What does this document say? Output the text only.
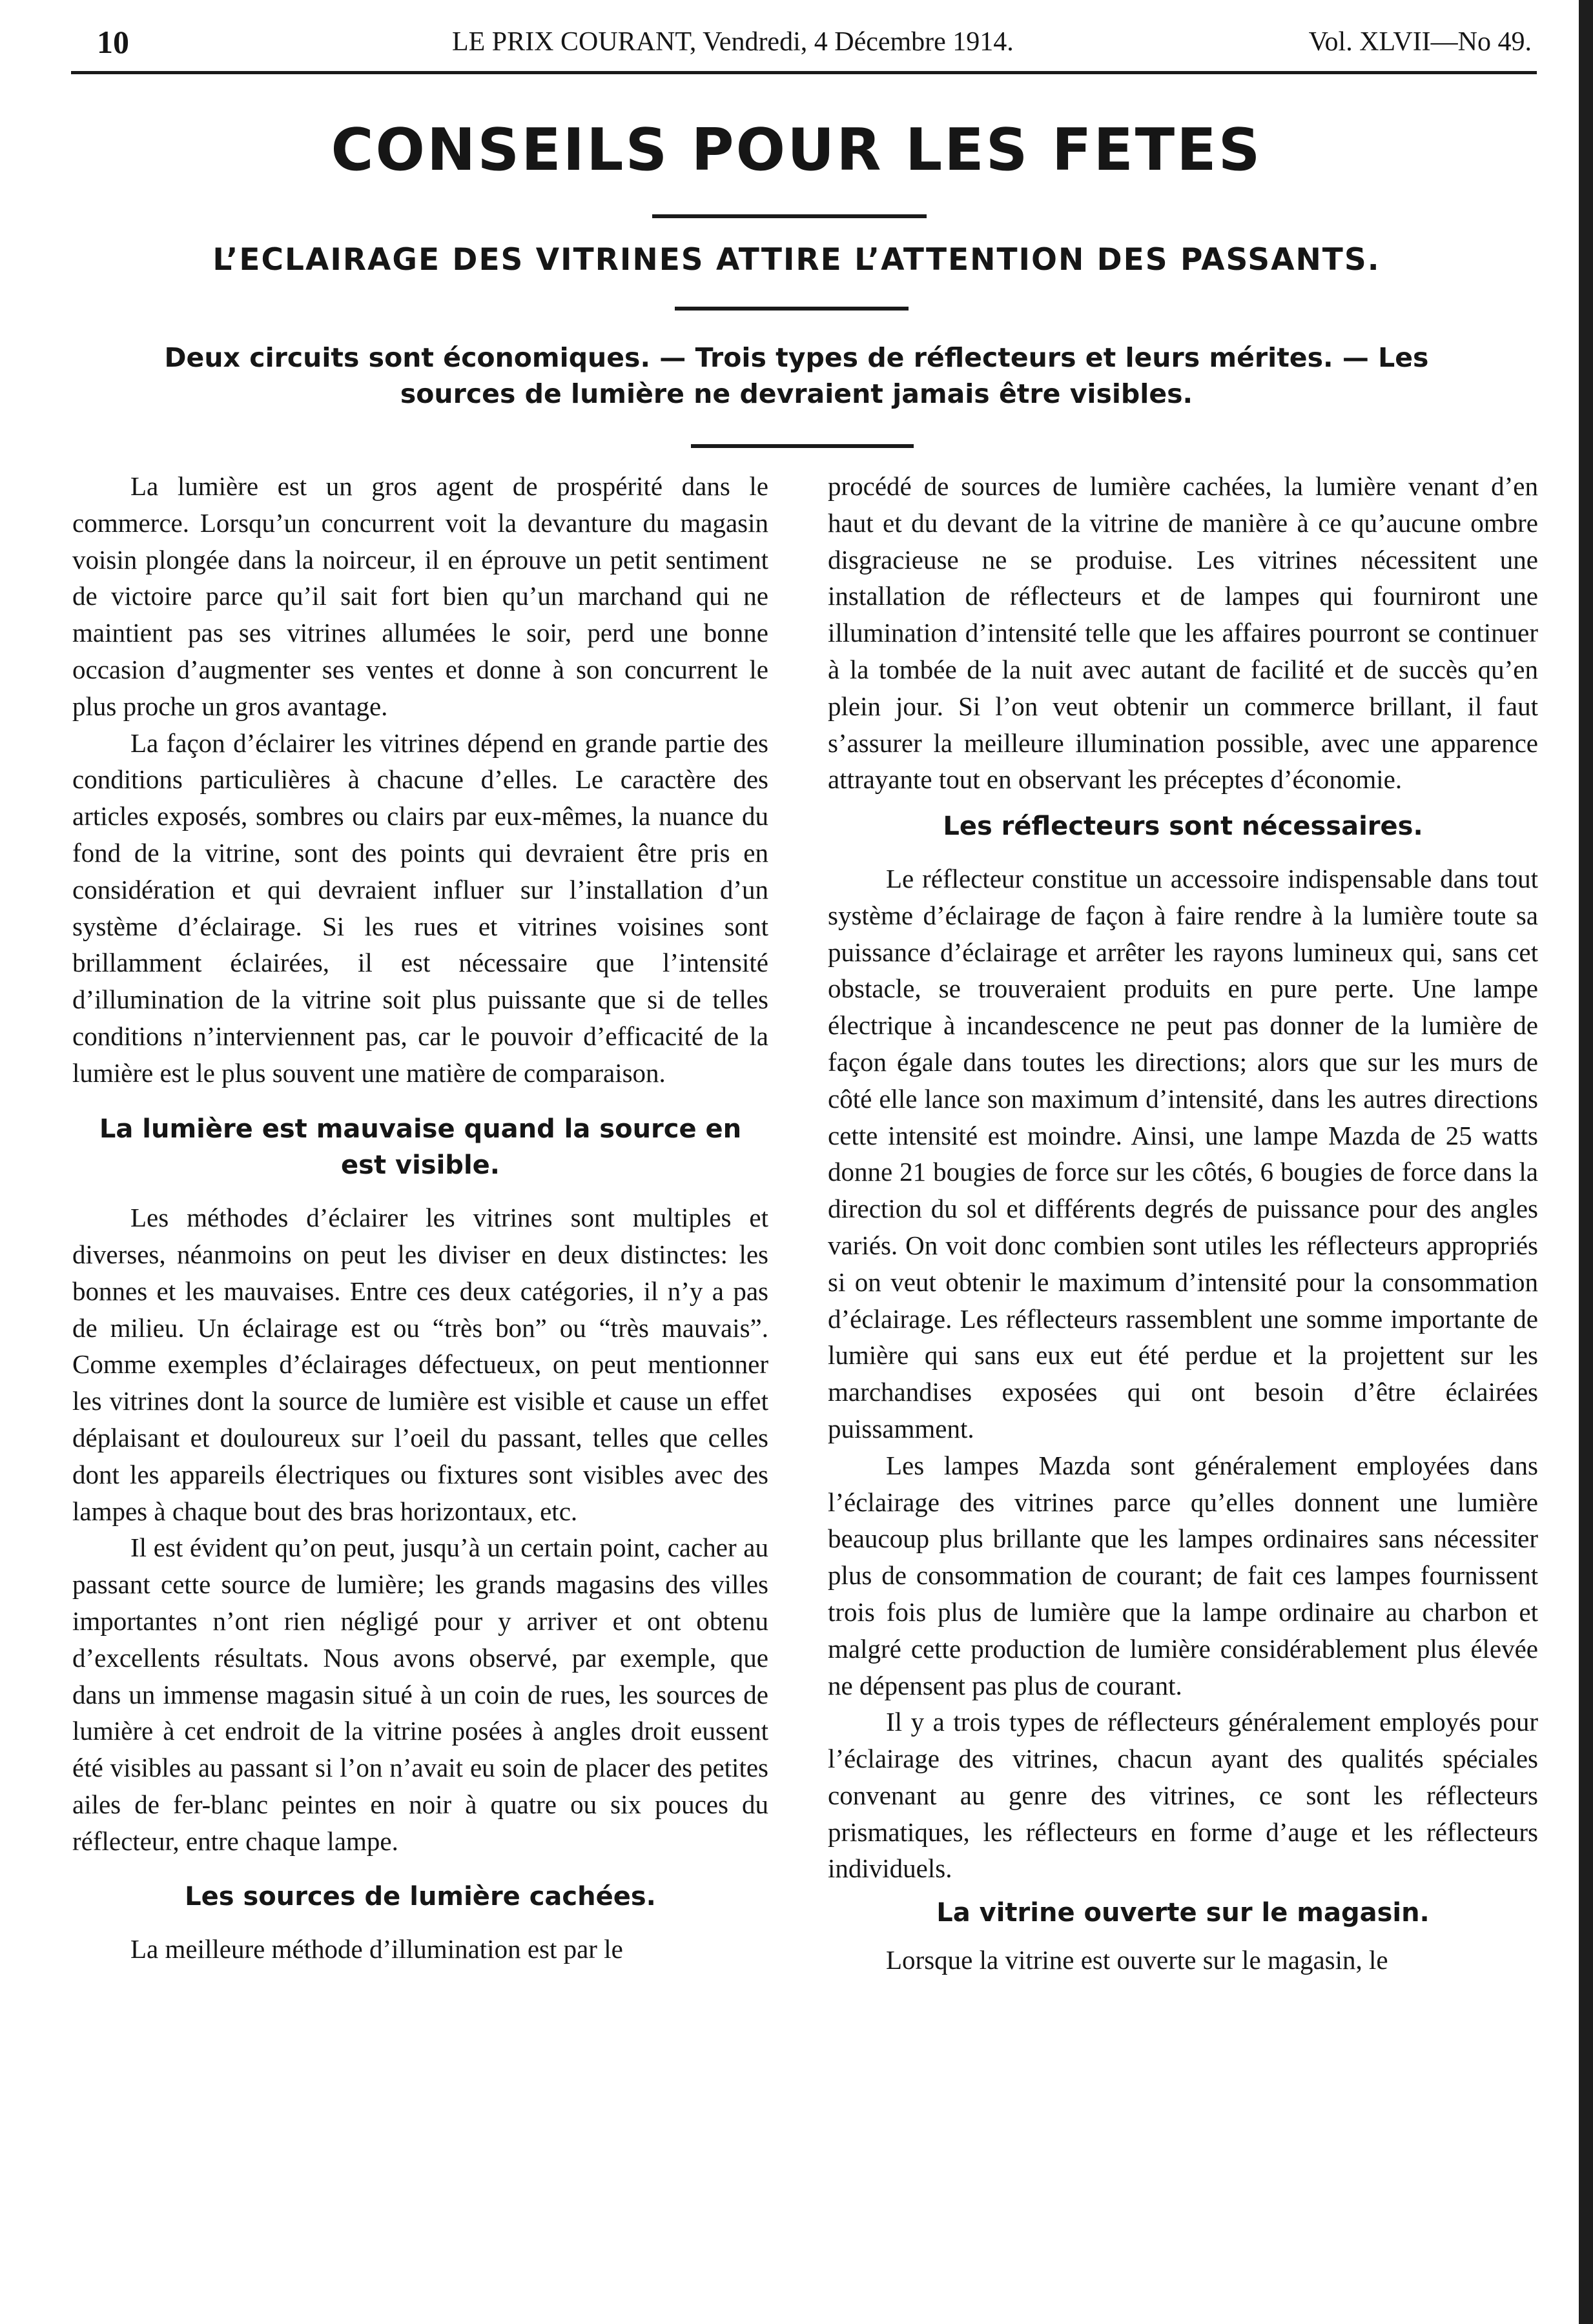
10	LE PRIX COURANT, Vendredi, 4 Décembre 1914.	Vol. XLVII—No 49.
CONSEILS POUR LES FETES
L’ECLAIRAGE DES VITRINES ATTIRE L’ATTENTION DES PASSANTS.
Deux circuits sont économiques. — Trois types de réflecteurs et leurs mérites. — Les sources de lumière ne devraient jamais être visibles.

La lumière est un gros agent de prospérité dans le commerce. Lorsqu’un concurrent voit la devanture du magasin voisin plongée dans la noirceur, il en éprouve un petit sentiment de victoire parce qu’il sait fort bien qu’un marchand qui ne maintient pas ses vitrines allumées le soir, perd une bonne occasion d’augmenter ses ventes et donne à son concurrent le plus proche un gros avantage.

La façon d’éclairer les vitrines dépend en grande partie des conditions particulières à chacune d’elles. Le caractère des articles exposés, sombres ou clairs par eux-mêmes, la nuance du fond de la vitrine, sont des points qui devraient être pris en considération et qui devraient influer sur l’installation d’un système d’éclairage. Si les rues et vitrines voisines sont brillamment éclairées, il est nécessaire que l’intensité d’illumination de la vitrine soit plus puissante que si de telles conditions n’interviennent pas, car le pouvoir d’efficacité de la lumière est le plus souvent une matière de comparaison.

La lumière est mauvaise quand la source en est visible.

Les méthodes d’éclairer les vitrines sont multiples et diverses, néanmoins on peut les diviser en deux distinctes: les bonnes et les mauvaises. Entre ces deux catégories, il n’y a pas de milieu. Un éclairage est ou “très bon” ou “très mauvais”. Comme exemples d’éclairages défectueux, on peut mentionner les vitrines dont la source de lumière est visible et cause un effet déplaisant et douloureux sur l’oeil du passant, telles que celles dont les appareils électriques ou fixtures sont visibles avec des lampes à chaque bout des bras horizontaux, etc.

Il est évident qu’on peut, jusqu’à un certain point, cacher au passant cette source de lumière; les grands magasins des villes importantes n’ont rien négligé pour y arriver et ont obtenu d’excellents résultats. Nous avons observé, par exemple, que dans un immense magasin situé à un coin de rues, les sources de lumière à cet endroit de la vitrine posées à angles droit eussent été visibles au passant si l’on n’avait eu soin de placer des petites ailes de fer-blanc peintes en noir à quatre ou six pouces du réflecteur, entre chaque lampe.

Les sources de lumière cachées.

La meilleure méthode d’illumination est par le

procédé de sources de lumière cachées, la lumière venant d’en haut et du devant de la vitrine de manière à ce qu’aucune ombre disgracieuse ne se produise. Les vitrines nécessitent une installation de réflecteurs et de lampes qui fourniront une illumination d’intensité telle que les affaires pourront se continuer à la tombée de la nuit avec autant de facilité et de succès qu’en plein jour. Si l’on veut obtenir un commerce brillant, il faut s’assurer la meilleure illumination possible, avec une apparence attrayante tout en observant les préceptes d’économie.

Les réflecteurs sont nécessaires.

Le réflecteur constitue un accessoire indispensable dans tout système d’éclairage de façon à faire rendre à la lumière toute sa puissance d’éclairage et arrêter les rayons lumineux qui, sans cet obstacle, se trouveraient produits en pure perte. Une lampe électrique à incandescence ne peut pas donner de la lumière de façon égale dans toutes les directions; alors que sur les murs de côté elle lance son maximum d’intensité, dans les autres directions cette intensité est moindre. Ainsi, une lampe Mazda de 25 watts donne 21 bougies de force sur les côtés, 6 bougies de force dans la direction du sol et différents degrés de puissance pour des angles variés. On voit donc combien sont utiles les réflecteurs appropriés si on veut obtenir le maximum d’intensité pour la consommation d’éclairage. Les réflecteurs rassemblent une somme importante de lumière qui sans eux eut été perdue et la projettent sur les marchandises exposées qui ont besoin d’être éclairées puissamment.

Les lampes Mazda sont généralement employées dans l’éclairage des vitrines parce qu’elles donnent une lumière beaucoup plus brillante que les lampes ordinaires sans nécessiter plus de consommation de courant; de fait ces lampes fournissent trois fois plus de lumière que la lampe ordinaire au charbon et malgré cette production de lumière considérablement plus élevée ne dépensent pas plus de courant.

Il y a trois types de réflecteurs généralement employés pour l’éclairage des vitrines, chacun ayant des qualités spéciales convenant au genre des vitrines, ce sont les réflecteurs prismatiques, les réflecteurs en forme d’auge et les réflecteurs individuels.

La vitrine ouverte sur le magasin.

Lorsque la vitrine est ouverte sur le magasin, le
